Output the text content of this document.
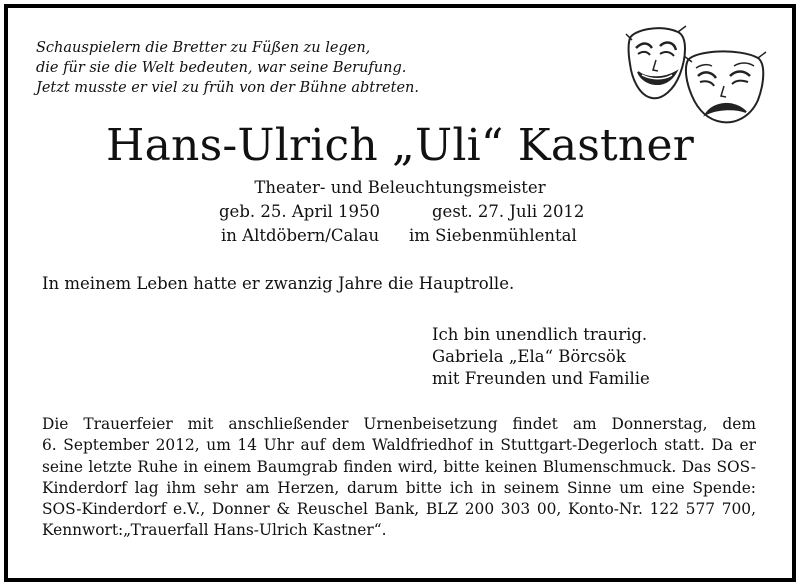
Schauspielern die Bretter zu Füßen zu legen,
die für sie die Welt bedeuten, war seine Berufung.
Jetzt musste er viel zu früh von der Bühne abtreten.
Hans-Ulrich „Uli“ Kastner
Theater- und Beleuchtungsmeister
geb. 25. April 1950	gest. 27. Juli 2012
in Altdöbern/Calau im Siebenmühlental
In meinem Leben hatte er zwanzig Jahre die Hauptrolle.
Ich bin unendlich traurig.
Gabriela „Ela“ Börcsök
mit Freunden und Familie
Die Trauerfeier mit anschließender Urnenbeisetzung findet am Donnerstag, dem
6. September 2012, um 14 Uhr auf dem Waldfriedhof in Stuttgart-Degerloch statt. Da er
seine letzte Ruhe in einem Baumgrab finden wird, bitte keinen Blumenschmuck. Das SOS-
Kinderdorf lag ihm sehr am Herzen, darum bitte ich in seinem Sinne um eine Spende:
SOS-Kinderdorf e.V., Donner & Reuschel Bank, BLZ 200 303 00, Konto-Nr. 122 577 700,
Kennwort:„Trauerfall Hans-Ulrich Kastner“.
